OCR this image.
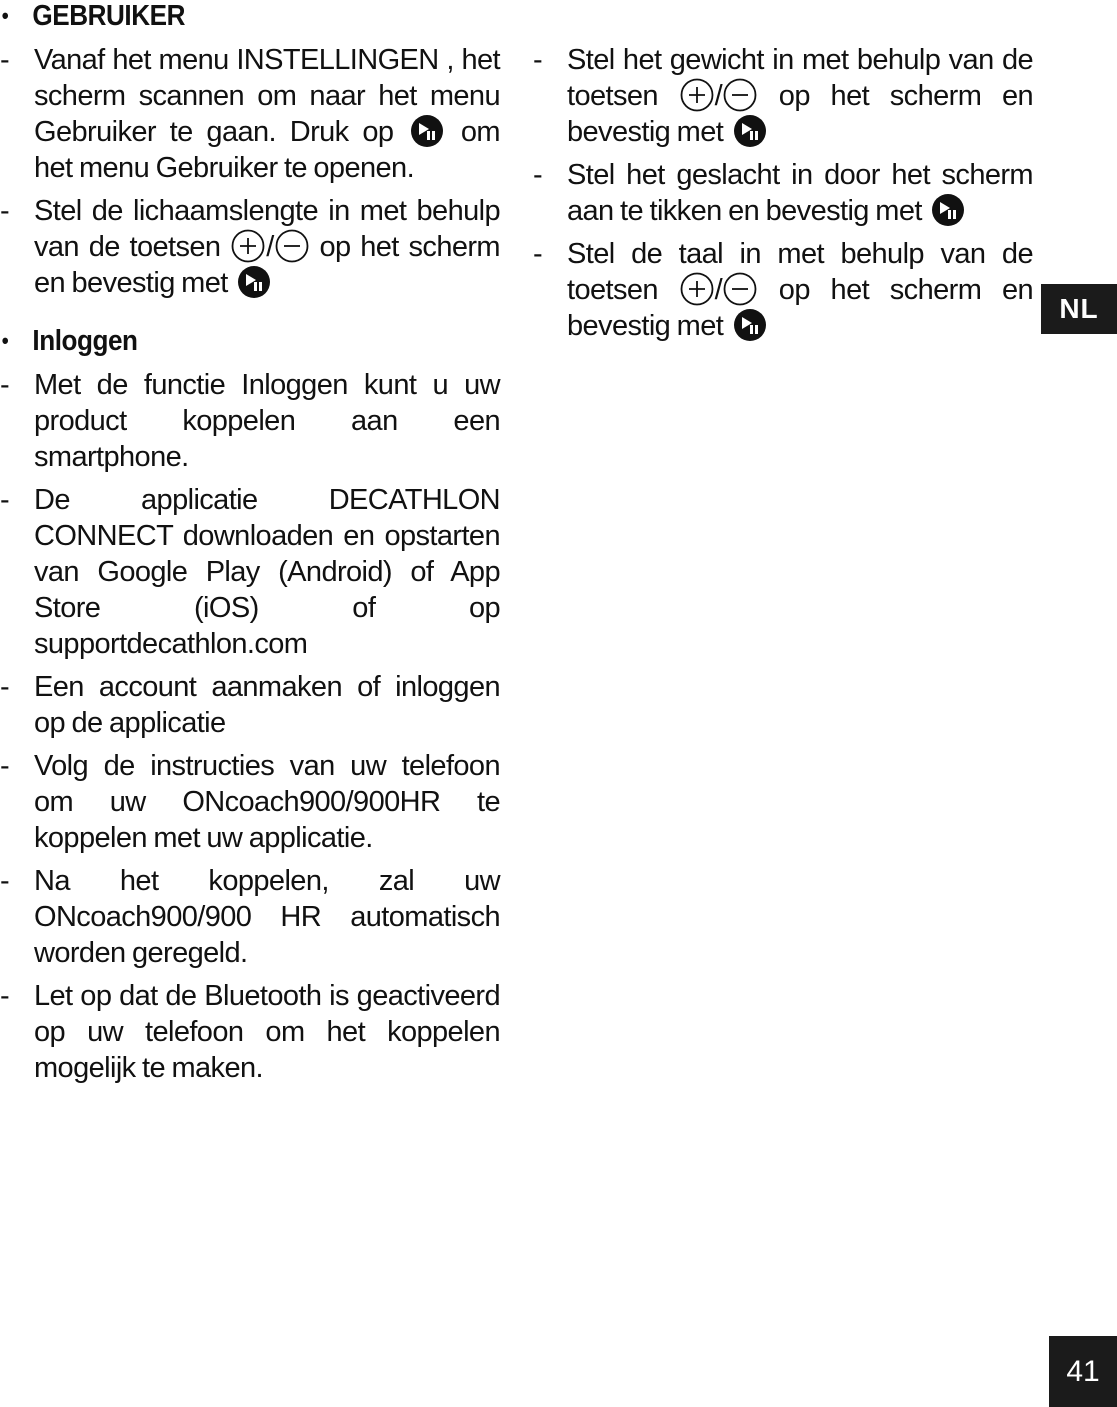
• GEBRUIKER
- Vanaf het menu INSTELLINGEN , het scherm scannen om naar het menu Gebruiker te gaan. Druk op
om het menu Gebruiker te openen.
- Stel de lichaamslengte in met behulp van de toetsen
/
op het scherm en bevestig met
• Inloggen
- Met de functie Inloggen kunt u uw product koppelen aan een smartphone.
- De applicatie DECATHLON CONNECT downloaden en opstarten van Google Play (Android) of App Store (iOS) of op supportdecathlon.com
- Een account aanmaken of inloggen op de applicatie
- Volg de instructies van uw telefoon om uw ONcoach900/900HR te koppelen met uw applicatie.
- Na het koppelen, zal uw ONcoach900/900 HR automatisch worden geregeld.
- Let op dat de Bluetooth is geactiveerd op uw telefoon om het koppelen mogelijk te maken.
- Stel het gewicht in met behulp van de toetsen
/
op het scherm en bevestig met
- Stel het geslacht in door het scherm aan te tikken en bevestig met
- Stel de taal in met behulp van de toetsen
/
op het scherm en bevestig met
NL
41
